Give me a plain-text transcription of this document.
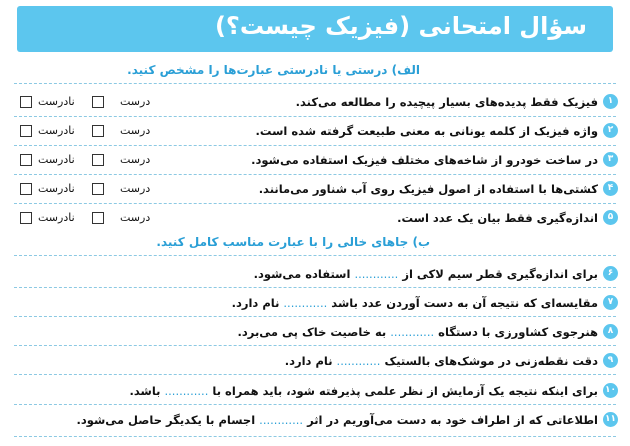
سؤال امتحانی (فیزیک چیست؟)
الف) درستی یا نادرستی عبارت‌ها را مشخص کنید.
۱
فیزیک فقط پدیده‌های بسیار پیچیده را مطالعه می‌کند.
درست
نادرست
۲
واژه فیزیک از کلمه یونانی به معنی طبیعت گرفته شده است.
درست
نادرست
۳
در ساخت خودرو از شاخه‌های مختلف فیزیک استفاده می‌شود.
درست
نادرست
۴
کشتی‌ها با استفاده از اصول فیزیک روی آب شناور می‌مانند.
درست
نادرست
۵
اندازه‌گیری فقط بیان یک عدد است.
درست
نادرست
ب) جاهای خالی را با عبارت مناسب کامل کنید.
۶
برای اندازه‌گیری قطر سیم لاکی از ............ استفاده می‌شود.
۷
مقایسه‌ای که نتیجه آن به دست آوردن عدد باشد ............ نام دارد.
۸
هنرجوی کشاورزی با دستگاه ............ به خاصیت خاک پی می‌برد.
۹
دقت نقطه‌زنی در موشک‌های بالستیک ............ نام دارد.
۱۰
برای اینکه نتیجه یک آزمایش از نظر علمی پذیرفته شود، باید همراه با ............ باشد.
۱۱
اطلاعاتی که از اطراف خود به دست می‌آوریم در اثر ............ اجسام با یکدیگر حاصل می‌شود.
